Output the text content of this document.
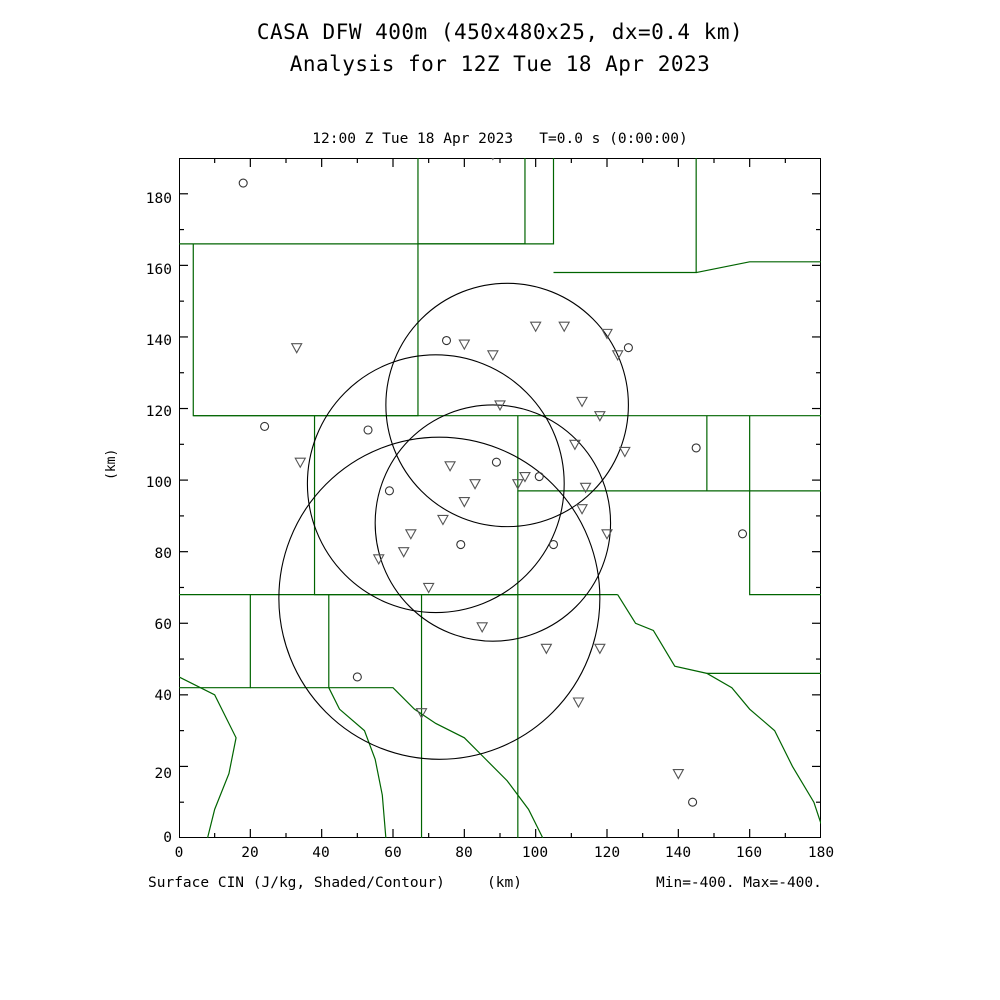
CASA DFW 400m (450x480x25, dx=0.4 km)
Analysis for 12Z Tue 18 Apr 2023
12:00 Z Tue 18 Apr 2023   T=0.0 s (0:00:00)
(km)
0
20
40
60
80
100
120
140
160
180
0	20	40	60	80	100	120	140	160	180
Surface CIN (J/kg, Shaded/Contour)	(km)	Min=-400. Max=-400.
